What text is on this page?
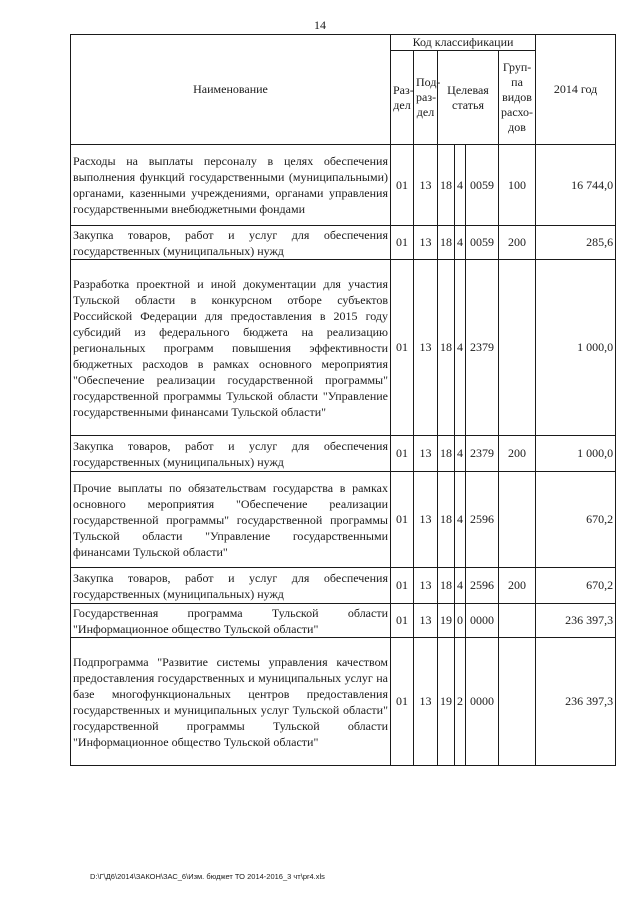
14
Наименование	Код классификации						2014 год
	Раз-дел	Под-раз-дел	Целевая статья			Груп-па видов расхо-дов	
Расходы на выплаты персоналу в целях обеспечения выполнения функций государственными (муниципальными) органами, казенными учреждениями, органами управления государственными внебюджетными фондами	01	13	18	4	0059	100	16 744,0
Закупка товаров, работ и услуг для обеспечения государственных (муниципальных) нужд	01	13	18	4	0059	200	285,6
Разработка проектной и иной документации для участия Тульской области в конкурсном отборе субъектов Российской Федерации для предоставления в 2015 году субсидий из федерального бюджета на реализацию региональных программ повышения эффективности бюджетных расходов в рамках основного мероприятия "Обеспечение реализации государственной программы" государственной программы Тульской области "Управление государственными финансами Тульской области"	01	13	18	4	2379		1 000,0
Закупка товаров, работ и услуг для обеспечения государственных (муниципальных) нужд	01	13	18	4	2379	200	1 000,0
Прочие выплаты по обязательствам государства в рамках основного мероприятия "Обеспечение реализации государственной программы" государственной программы Тульской области "Управление государственными финансами Тульской области"	01	13	18	4	2596		670,2
Закупка товаров, работ и услуг для обеспечения государственных (муниципальных) нужд	01	13	18	4	2596	200	670,2
Государственная программа Тульской области "Информационное общество Тульской области"	01	13	19	0	0000		236 397,3
Подпрограмма "Развитие системы управления качеством предоставления государственных и муниципальных услуг на базе многофункциональных центров предоставления государственных и муниципальных услуг Тульской области" государственной программы Тульской области "Информационное общество Тульской области"	01	13	19	2	0000		236 397,3
D:\Г\Д6\2014\ЗАКОН\ЗАС_6\Изм. бюджет ТО 2014-2016_3 чт\pr4.xls
